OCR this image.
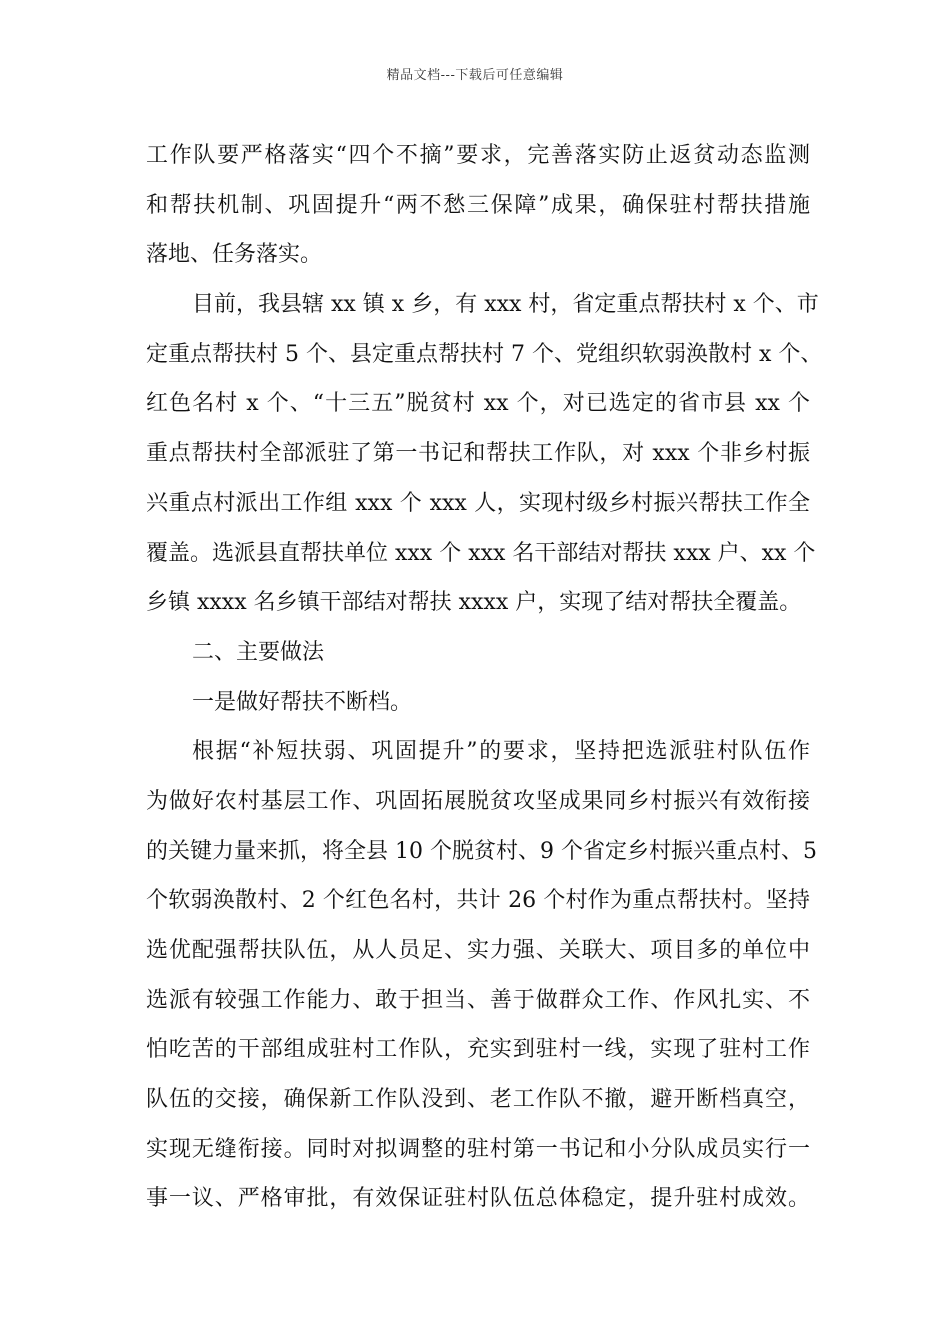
精品文档---下载后可任意编辑
工作队要严格落实“四个不摘”要求，完善落实防止返贫动态监测
和帮扶机制、巩固提升“两不愁三保障”成果，确保驻村帮扶措施
落地、任务落实。
目前，我县辖 xx 镇 x 乡，有 xxx 村，省定重点帮扶村 x 个、市
定重点帮扶村 5 个、县定重点帮扶村 7 个、党组织软弱涣散村 x 个、
红色名村 x 个、“十三五”脱贫村 xx 个，对已选定的省市县 xx 个
重点帮扶村全部派驻了第一书记和帮扶工作队，对 xxx 个非乡村振
兴重点村派出工作组 xxx 个 xxx 人，实现村级乡村振兴帮扶工作全
覆盖。选派县直帮扶单位 xxx 个 xxx 名干部结对帮扶 xxx 户、xx 个
乡镇 xxxx 名乡镇干部结对帮扶 xxxx 户，实现了结对帮扶全覆盖。
二、主要做法
一是做好帮扶不断档。
根据“补短扶弱、巩固提升”的要求，坚持把选派驻村队伍作
为做好农村基层工作、巩固拓展脱贫攻坚成果同乡村振兴有效衔接
的关键力量来抓，将全县 10 个脱贫村、9 个省定乡村振兴重点村、5
个软弱涣散村、2 个红色名村，共计 26 个村作为重点帮扶村。坚持
选优配强帮扶队伍，从人员足、实力强、关联大、项目多的单位中
选派有较强工作能力、敢于担当、善于做群众工作、作风扎实、不
怕吃苦的干部组成驻村工作队，充实到驻村一线，实现了驻村工作
队伍的交接，确保新工作队没到、老工作队不撤，避开断档真空，
实现无缝衔接。同时对拟调整的驻村第一书记和小分队成员实行一
事一议、严格审批，有效保证驻村队伍总体稳定，提升驻村成效。
